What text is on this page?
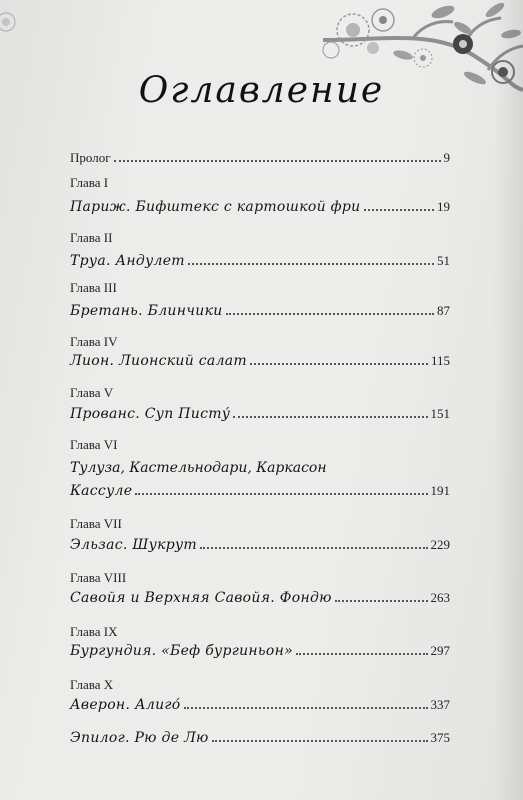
Оглавление
Пролог	9
Глава I
Париж. Бифштекс с картошкой фри	19
Глава II
Труа. Андулет	51
Глава III
Бретань. Блинчики	87
Глава IV
Лион. Лионский салат	115
Глава V
Прованс. Суп Писту́	151
Глава VI
Тулуза, Кастельнодари, Каркасон
Кассуле	191
Глава VII
Эльзас. Шукрут	229
Глава VIII
Савойя и Верхняя Савойя. Фондю	263
Глава IX
Бургундия. «Беф бургиньон»	297
Глава X
Аверон. Алиго́	337
Эпилог. Рю де Лю	375
